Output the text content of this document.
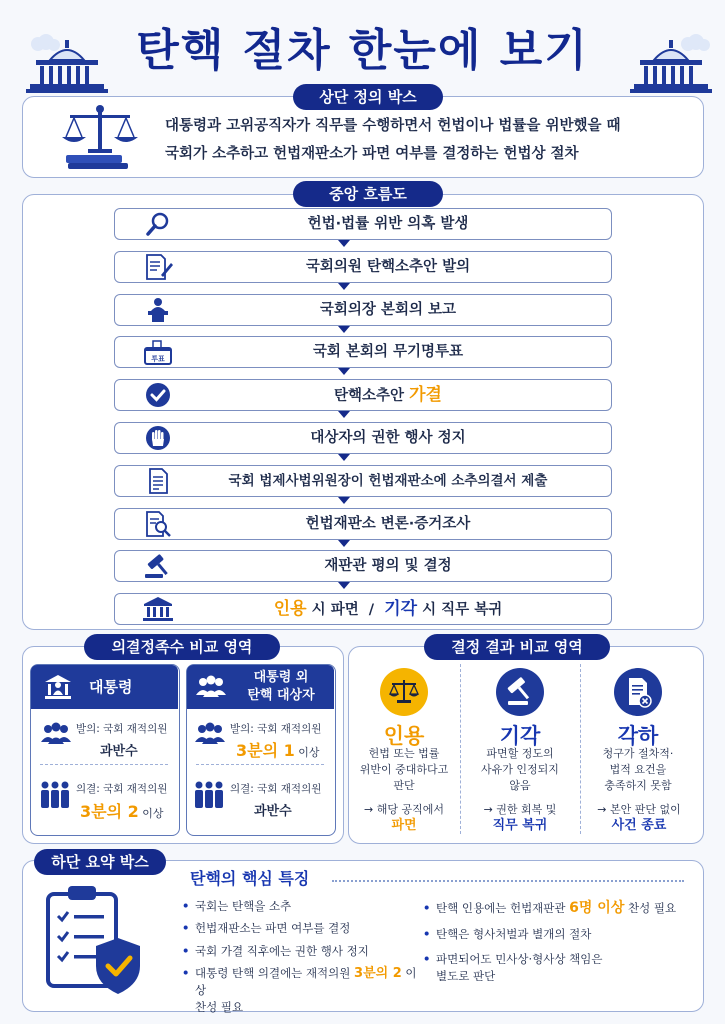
탄핵 절차 한눈에 보기
상단 정의 박스
대통령과 고위공직자가 직무를 수행하면서 헌법이나 법률을 위반했을 때
국회가 소추하고 헌법재판소가 파면 여부를 결정하는 헌법상 절차
중앙 흐름도
헌법·법률 위반 의혹 발생
국회의원 탄핵소추안 발의
국회의장 본회의 보고
투표	국회 본회의 무기명투표
탄핵소추안 가결
대상자의 권한 행사 정지
국회 법제사법위원장이 헌법재판소에 소추의결서 제출
헌법재판소 변론·증거조사
재판관 평의 및 결정
인용 시 파면  /  기각 시 직무 복귀
의결정족수 비교 영역
대통령
발의: 국회 재적의원
과반수
의결: 국회 재적의원
3분의 2 이상
대통령 외
탄핵 대상자
발의: 국회 재적의원
3분의 1 이상
의결: 국회 재적의원
과반수
결정 결과 비교 영역
인용
헌법 또는 법률
위반이 중대하다고
판단
→ 해당 공직에서
파면
기각
파면할 정도의
사유가 인정되지
않음
→ 권한 회복 및
직무 복귀
각하
청구가 절차적·
법적 요건을
충족하지 못함
→ 본안 판단 없이
사건 종료
하단 요약 박스
탄핵의 핵심 특징
• 국회는 탄핵을 소추
• 헌법재판소는 파면 여부를 결정
• 국회 가결 직후에는 권한 행사 정지
• 대통령 탄핵 의결에는 재적의원 3분의 2 이상
찬성 필요
• 탄핵 인용에는 헌법재판관 6명 이상 찬성 필요
• 탄핵은 형사처벌과 별개의 절차
• 파면되어도 민사상·형사상 책임은
별도로 판단
